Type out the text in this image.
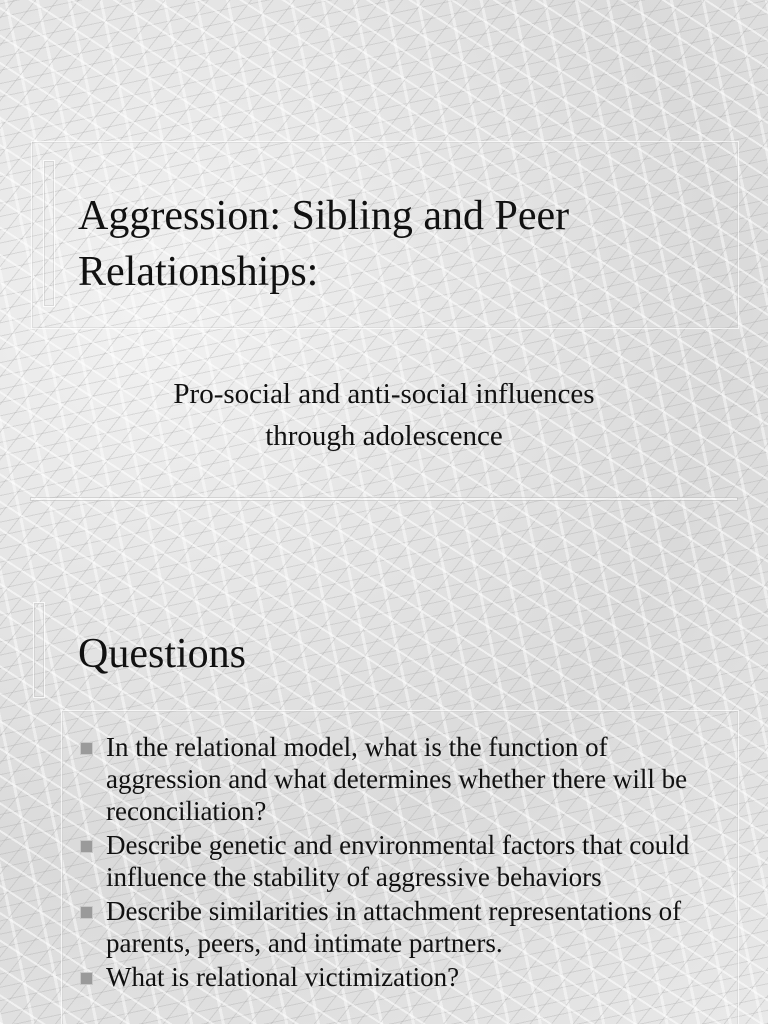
Aggression: Sibling and Peer Relationships:

Pro-social and anti-social influences

through adolescence

Questions
In the relational model, what is the function of aggression and what determines whether there will be reconciliation?
Describe genetic and environmental factors that could influence the stability of aggressive behaviors
Describe similarities in attachment representations of parents, peers, and intimate partners.
What is relational victimization?
